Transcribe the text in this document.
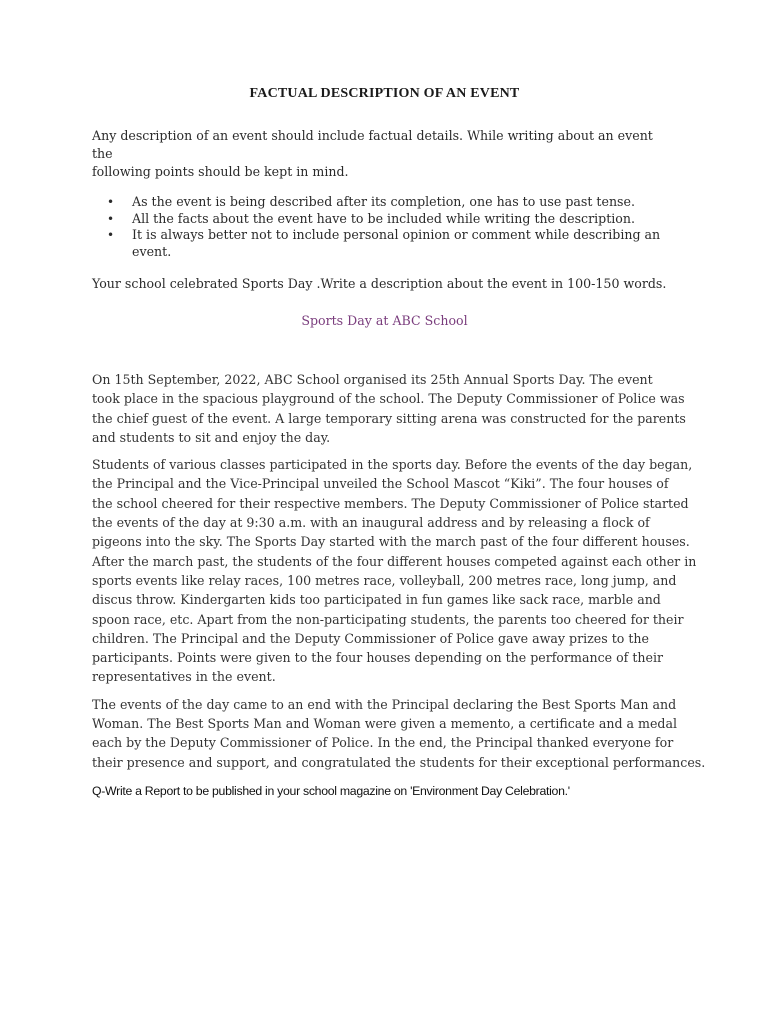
FACTUAL DESCRIPTION OF AN EVENT
Any description of an event should include factual details. While writing about an event the
following points should be kept in mind.
• As the event is being described after its completion, one has to use past tense.
• All the facts about the event have to be included while writing the description.
• It is always better not to include personal opinion or comment while describing an event.
Your school celebrated Sports Day .Write a description about the event in 100-150 words.
Sports Day at ABC School
On 15th September, 2022, ABC School organised its 25th Annual Sports Day. The event
took place in the spacious playground of the school. The Deputy Commissioner of Police was
the chief guest of the event. A large temporary sitting arena was constructed for the parents
and students to sit and enjoy the day.
Students of various classes participated in the sports day. Before the events of the day began,
the Principal and the Vice-Principal unveiled the School Mascot “Kiki”. The four houses of
the school cheered for their respective members. The Deputy Commissioner of Police started
the events of the day at 9:30 a.m. with an inaugural address and by releasing a flock of
pigeons into the sky. The Sports Day started with the march past of the four different houses.
After the march past, the students of the four different houses competed against each other in
sports events like relay races, 100 metres race, volleyball, 200 metres race, long jump, and
discus throw. Kindergarten kids too participated in fun games like sack race, marble and
spoon race, etc. Apart from the non-participating students, the parents too cheered for their
children. The Principal and the Deputy Commissioner of Police gave away prizes to the
participants. Points were given to the four houses depending on the performance of their
representatives in the event.
The events of the day came to an end with the Principal declaring the Best Sports Man and
Woman. The Best Sports Man and Woman were given a memento, a certificate and a medal
each by the Deputy Commissioner of Police. In the end, the Principal thanked everyone for
their presence and support, and congratulated the students for their exceptional performances.
Q-Write a Report to be published in your school magazine on 'Environment Day Celebration.'
